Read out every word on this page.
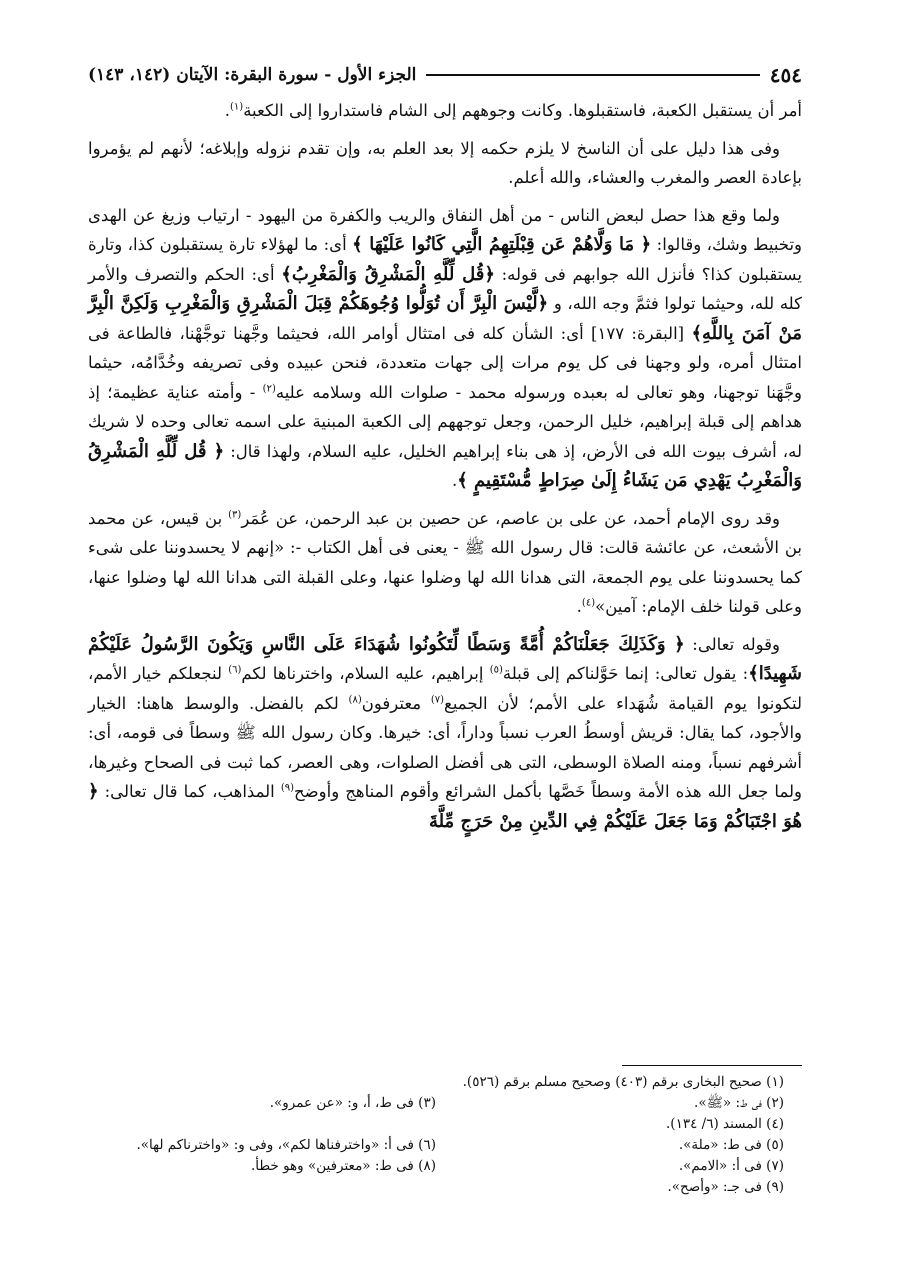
٤٥٤
الجزء الأول - سورة البقرة: الآيتان (١٤٢، ١٤٣)

أمر أن يستقبل الكعبة، فاستقبلوها. وكانت وجوههم إلى الشام فاستداروا إلى الكعبة$^{(١)}$.

وفى هذا دليل على أن الناسخ لا يلزم حكمه إلا بعد العلم به، وإن تقدم نزوله وإبلاغه؛ لأنهم لم يؤمروا بإعادة العصر والمغرب والعشاء، والله أعلم.

ولما وقع هذا حصل لبعض الناس - من أهل النفاق والريب والكفرة من اليهود - ارتياب وزيغ عن الهدى وتخبيط وشك، وقالوا: ﴿ مَا وَلَّاهُمْ عَن قِبْلَتِهِمُ الَّتِي كَانُوا عَلَيْهَا ﴾ أى: ما لهؤلاء تارة يستقبلون كذا، وتارة يستقبلون كذا؟ فأنزل الله جوابهم فى قوله: ﴿قُل لِّلَّهِ الْمَشْرِقُ وَالْمَغْرِبُ﴾ أى: الحكم والتصرف والأمر كله لله، وحيثما تولوا فثمَّ وجه الله، و ﴿لَّيْسَ الْبِرَّ أَن تُوَلُّوا وُجُوهَكُمْ قِبَلَ الْمَشْرِقِ وَالْمَغْرِبِ وَلَكِنَّ الْبِرَّ مَنْ آمَنَ بِاللَّهِ﴾ [البقرة: ١٧٧] أى: الشأن كله فى امتثال أوامر الله، فحيثما وجَّهنا توجَّهْنا، فالطاعة فى امتثال أمره، ولو وجهنا فى كل يوم مرات إلى جهات متعددة، فنحن عبيده وفى تصريفه وخُدَّامُه، حيثما وجَّهَنا توجهنا، وهو تعالى له بعبده ورسوله محمد - صلوات الله وسلامه عليه$^{(٢)}$ - وأمته عناية عظيمة؛ إذ هداهم إلى قبلة إبراهيم، خليل الرحمن، وجعل توجههم إلى الكعبة المبنية على اسمه تعالى وحده لا شريك له، أشرف بيوت الله فى الأرض، إذ هى بناء إبراهيم الخليل، عليه السلام، ولهذا قال: ﴿ قُل لِّلَّهِ الْمَشْرِقُ وَالْمَغْرِبُ يَهْدِي مَن يَشَاءُ إِلَىٰ صِرَاطٍ مُّسْتَقِيمٍ ﴾.

وقد روى الإمام أحمد، عن على بن عاصم، عن حصين بن عبد الرحمن، عن عُمَر$^{(٣)}$ بن قيس، عن محمد بن الأشعث، عن عائشة قالت: قال رسول الله ﷺ - يعنى فى أهل الكتاب -: «إنهم لا يحسدوننا على شىء كما يحسدوننا على يوم الجمعة، التى هدانا الله لها وضلوا عنها، وعلى القبلة التى هدانا الله لها وضلوا عنها، وعلى قولنا خلف الإمام: آمين»$^{(٤)}$.

وقوله تعالى: ﴿ وَكَذَلِكَ جَعَلْنَاكُمْ أُمَّةً وَسَطًا لِّتَكُونُوا شُهَدَاءَ عَلَى النَّاسِ وَيَكُونَ الرَّسُولُ عَلَيْكُمْ شَهِيدًا﴾: يقول تعالى: إنما حَوَّلناكم إلى قبلة$^{(٥)}$ إبراهيم، عليه السلام، واخترناها لكم$^{(٦)}$ لنجعلكم خيار الأمم، لتكونوا يوم القيامة شُهَداء على الأمم؛ لأن الجميع$^{(٧)}$ معترفون$^{(٨)}$ لكم بالفضل. والوسط هاهنا: الخيار والأجود، كما يقال: قريش أوسطُ العرب نسباً وداراً، أى: خيرها. وكان رسول الله ﷺ وسطاً فى قومه، أى: أشرفهم نسباً، ومنه الصلاة الوسطى، التى هى أفضل الصلوات، وهى العصر، كما ثبت فى الصحاح وغيرها، ولما جعل الله هذه الأمة وسطاً خَصَّها بأكمل الشرائع وأقوم المناهج وأوضح$^{(٩)}$ المذاهب، كما قال تعالى: ﴿ هُوَ اجْتَبَاكُمْ وَمَا جَعَلَ عَلَيْكُمْ فِي الدِّينِ مِنْ حَرَجٍ مِّلَّةَ

(١) صحيح البخارى برقم (٤٠٣) وصحيح مسلم برقم (٥٢٦).
(٢) فى ط: «ﷺ».
(٣) فى ط، أ، و: «عن عمرو».
(٤) المسند (٦/ ١٣٤).
(٥) فى ط: «ملة».
(٦) فى أ: «واخترفناها لكم»، وفى و: «واخترناكم لها».
(٧) فى أ: «الامم».
(٨) فى ط: «معترفين» وهو خطأ.
(٩) فى جـ: «وأصح».
